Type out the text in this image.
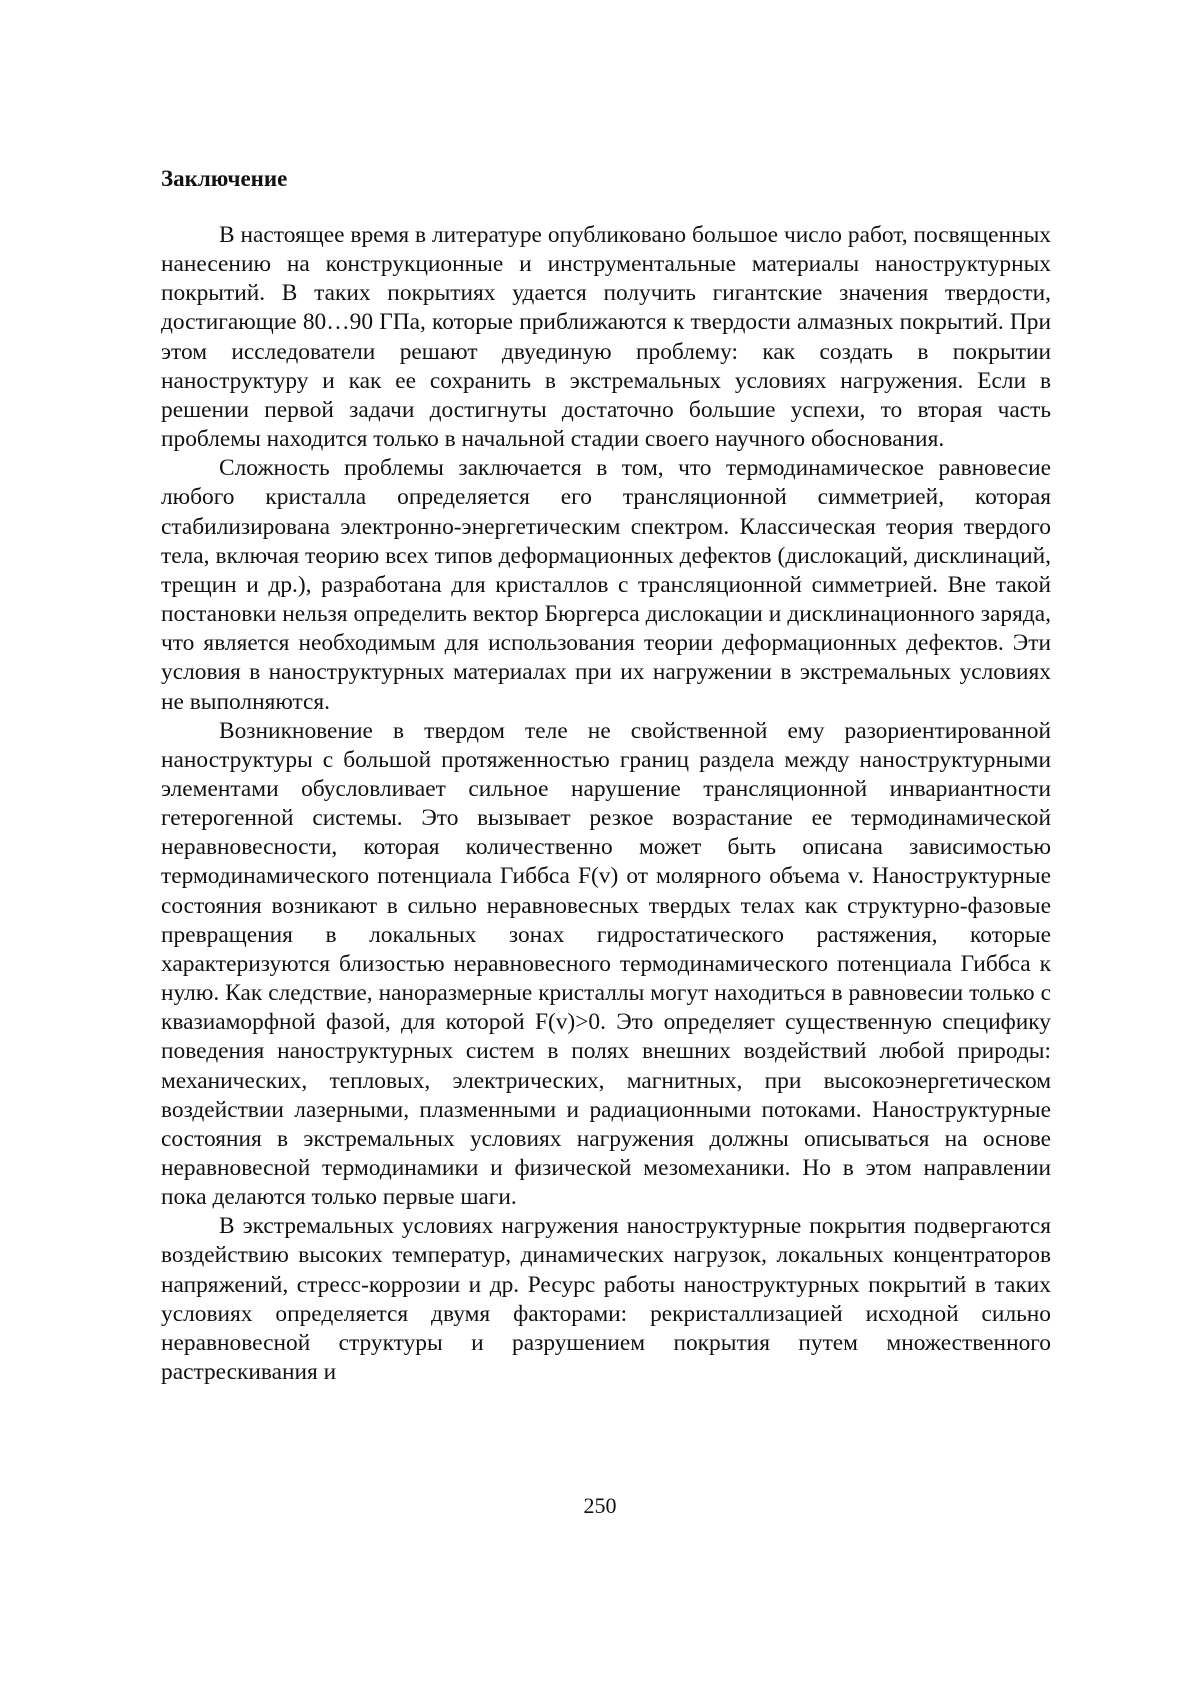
Заключение

В настоящее время в литературе опубликовано большое число работ, посвященных нанесению на конструкционные и инструментальные материалы наноструктурных покрытий. В таких покрытиях удается получить гигантские значения твердости, достигающие 80…90 ГПа, которые приближаются к твердости алмазных покрытий. При этом исследователи решают двуединую проблему: как создать в покрытии наноструктуру и как ее сохранить в экстремальных условиях нагружения. Если в решении первой задачи достигнуты достаточно большие успехи, то вторая часть проблемы находится только в начальной стадии своего научного обоснования.

Сложность проблемы заключается в том, что термодинамическое равновесие любого кристалла определяется его трансляционной симметрией, которая стабилизирована электронно-энергетическим спектром. Классическая теория твердого тела, включая теорию всех типов деформационных дефектов (дислокаций, дисклинаций, трещин и др.), разработана для кристаллов с трансляционной симметрией. Вне такой постановки нельзя определить вектор Бюргерса дислокации и дисклинационного заряда, что является необходимым для использования теории деформационных дефектов. Эти условия в наноструктурных материалах при их нагружении в экстремальных условиях не выполняются.

Возникновение в твердом теле не свойственной ему разориентированной наноструктуры с большой протяженностью границ раздела между наноструктурными элементами обусловливает сильное нарушение трансляционной инвариантности гетерогенной системы. Это вызывает резкое возрастание ее термодинамической неравновесности, которая количественно может быть описана зависимостью термодинамического потенциала Гиббса F(v) от молярного объема v. Наноструктурные состояния возникают в сильно неравновесных твердых телах как структурно-фазовые превращения в локальных зонах гидростатического растяжения, которые характеризуются близостью неравновесного термодинамического потенциала Гиббса к нулю. Как следствие, наноразмерные кристаллы могут находиться в равновесии только с квазиаморфной фазой, для которой F(v)>0. Это определяет существенную специфику поведения наноструктурных систем в полях внешних воздействий любой природы: механических, тепловых, электрических, магнитных, при высокоэнергетическом воздействии лазерными, плазменными и радиационными потоками. Наноструктурные состояния в экстремальных условиях нагружения должны описываться на основе неравновесной термодинамики и физической мезомеханики. Но в этом направлении пока делаются только первые шаги.

В экстремальных условиях нагружения наноструктурные покрытия подвергаются воздействию высоких температур, динамических нагрузок, локальных концентраторов напряжений, стресс-коррозии и др. Ресурс работы наноструктурных покрытий в таких условиях определяется двумя факторами: рекристаллизацией исходной сильно неравновесной структуры и разрушением покрытия путем множественного растрескивания и

250
